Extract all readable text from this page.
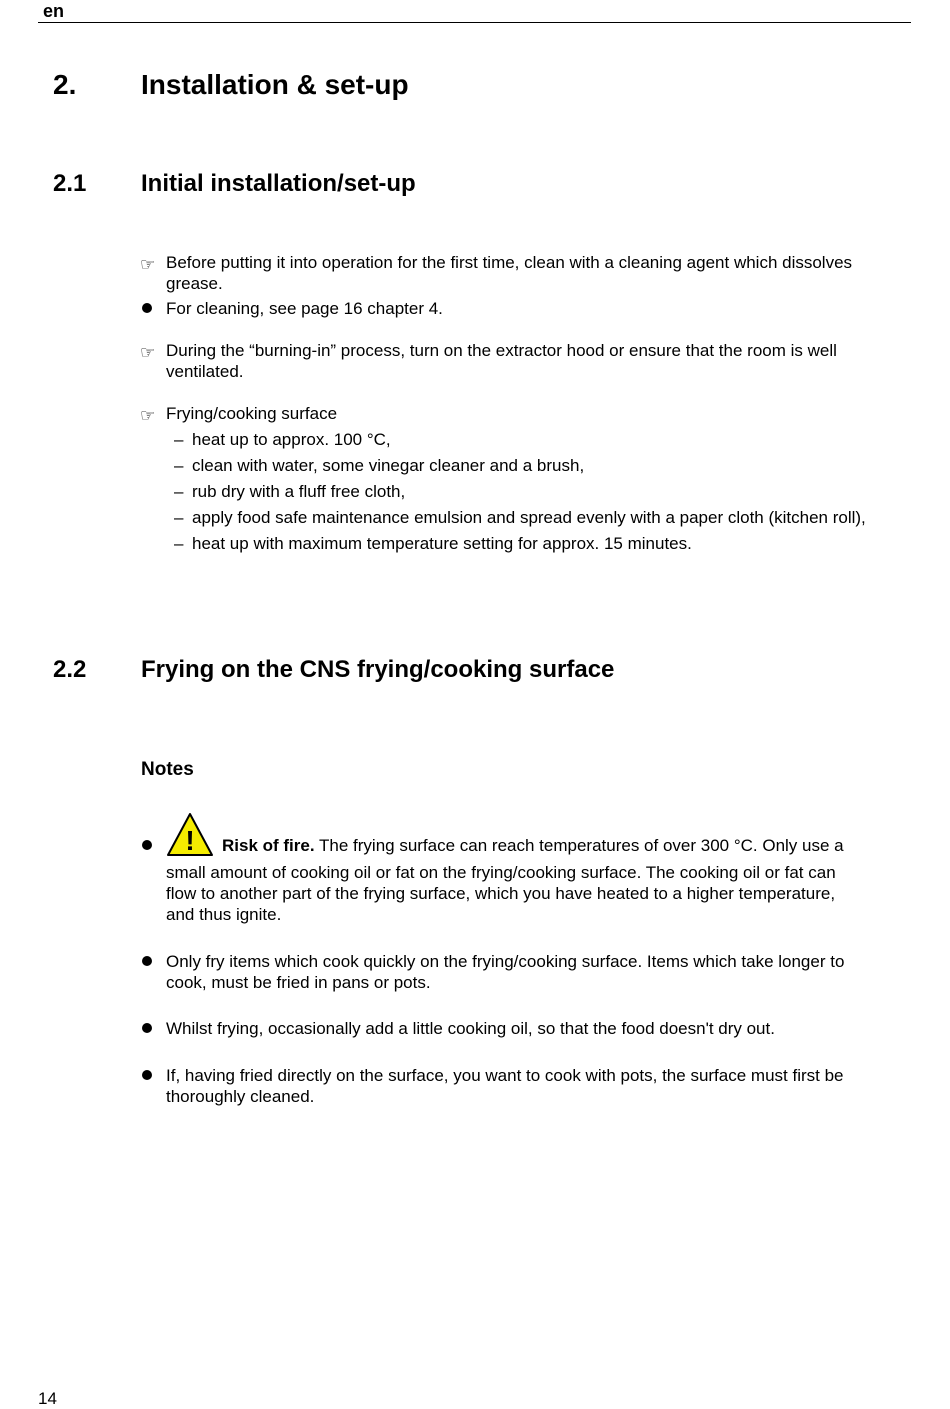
en
2. Installation & set-up
2.1 Initial installation/set-up
☞ Before putting it into operation for the first time, clean with a cleaning agent which dissolves
grease.
For cleaning, see page 16 chapter 4.
☞ During the “burning-in” process, turn on the extractor hood or ensure that the room is well
ventilated.
☞ Frying/cooking surface
– heat up to approx. 100 °C,
– clean with water, some vinegar cleaner and a brush,
– rub dry with a fluff free cloth,
– apply food safe maintenance emulsion and spread evenly with a paper cloth (kitchen roll),
– heat up with maximum temperature setting for approx. 15 minutes.
2.2 Frying on the CNS frying/cooking surface
Notes
! Risk of fire. The frying surface can reach temperatures of over 300 °C. Only use a
small amount of cooking oil or fat on the frying/cooking surface. The cooking oil or fat can
flow to another part of the frying surface, which you have heated to a higher temperature,
and thus ignite.
Only fry items which cook quickly on the frying/cooking surface. Items which take longer to
cook, must be fried in pans or pots.
Whilst frying, occasionally add a little cooking oil, so that the food doesn't dry out.
If, having fried directly on the surface, you want to cook with pots, the surface must first be
thoroughly cleaned.
14
